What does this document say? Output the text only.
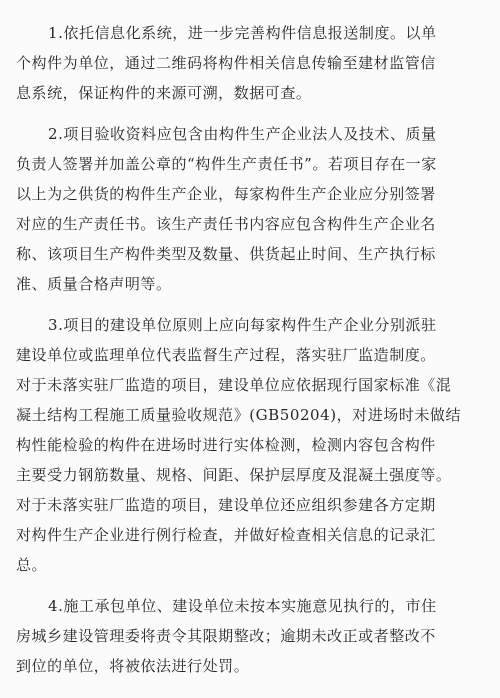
1.依托信息化系统，进一步完善构件信息报送制度。以单
个构件为单位，通过二维码将构件相关信息传输至建材监管信
息系统，保证构件的来源可溯，数据可查。
2.项目验收资料应包含由构件生产企业法人及技术、质量
负责人签署并加盖公章的“构件生产责任书”。若项目存在一家
以上为之供货的构件生产企业，每家构件生产企业应分别签署
对应的生产责任书。该生产责任书内容应包含构件生产企业名
称、该项目生产构件类型及数量、供货起止时间、生产执行标
准、质量合格声明等。
3.项目的建设单位原则上应向每家构件生产企业分别派驻
建设单位或监理单位代表监督生产过程，落实驻厂监造制度。
对于未落实驻厂监造的项目，建设单位应依据现行国家标准《混
凝土结构工程施工质量验收规范》(GB50204)，对进场时未做结
构性能检验的构件在进场时进行实体检测，检测内容包含构件
主要受力钢筋数量、规格、间距、保护层厚度及混凝土强度等。
对于未落实驻厂监造的项目，建设单位还应组织参建各方定期
对构件生产企业进行例行检查，并做好检查相关信息的记录汇
总。
4.施工承包单位、建设单位未按本实施意见执行的，市住
房城乡建设管理委将责令其限期整改；逾期未改正或者整改不
到位的单位，将被依法进行处罚。
